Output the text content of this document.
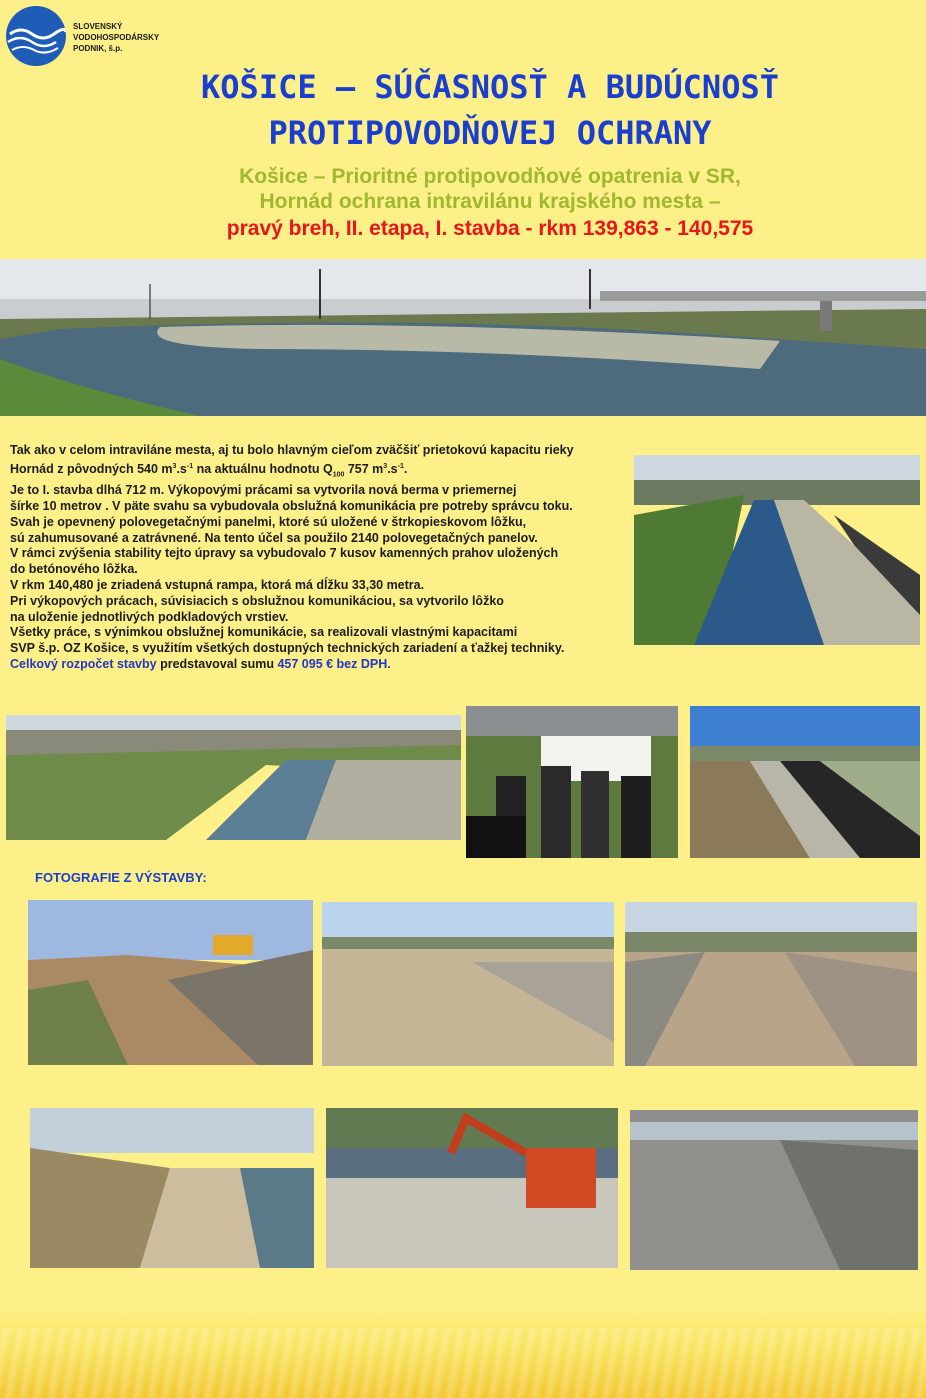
SLOVENSKÝ
VODOHOSPODÁRSKY
PODNIK, š.p.
KOŠICE – SÚČASNOSŤ A BUDÚCNOSŤ
PROTIPOVODŇOVEJ OCHRANY
Košice – Prioritné protipovodňové opatrenia v SR,
Hornád ochrana intravilánu krajského mesta –
pravý breh, II. etapa, I. stavba - rkm 139,863 - 140,575
Tak ako v celom intraviláne mesta, aj tu bolo hlavným cieľom zväčšiť prietokovú kapacitu rieky
Hornád z pôvodných 540 $m^3.s^{-1}$ na aktuálnu hodnotu $Q_{100}$ 757 $m^3.s^{-1}$.
Je to I. stavba dlhá 712 m. Výkopovými prácami sa vytvorila nová berma v priemernej
šírke 10 metrov . V päte svahu sa vybudovala obslužná komunikácia pre potreby správcu toku.
Svah je opevnený polovegetačnými panelmi, ktoré sú uložené v štrkopieskovom lôžku,
sú zahumusované a zatrávnené. Na tento účel sa použilo 2140 polovegetačných panelov.
V rámci zvýšenia stability tejto úpravy sa vybudovalo 7 kusov kamenných prahov uložených
do betónového lôžka.
V rkm 140,480 je zriadená vstupná rampa, ktorá má dĺžku 33,30 metra.
Pri výkopových prácach, súvisiacich s obslužnou komunikáciou, sa vytvorilo lôžko
na uloženie jednotlivých podkladových vrstiev.
Všetky práce, s výnimkou obslužnej komunikácie, sa realizovali vlastnými kapacitami
SVP š.p. OZ Košice, s využitím všetkých dostupných technických zariadení a ťažkej techniky.
Celkový rozpočet stavby predstavoval sumu 457 095 € bez DPH.
FOTOGRAFIE Z VÝSTAVBY:
